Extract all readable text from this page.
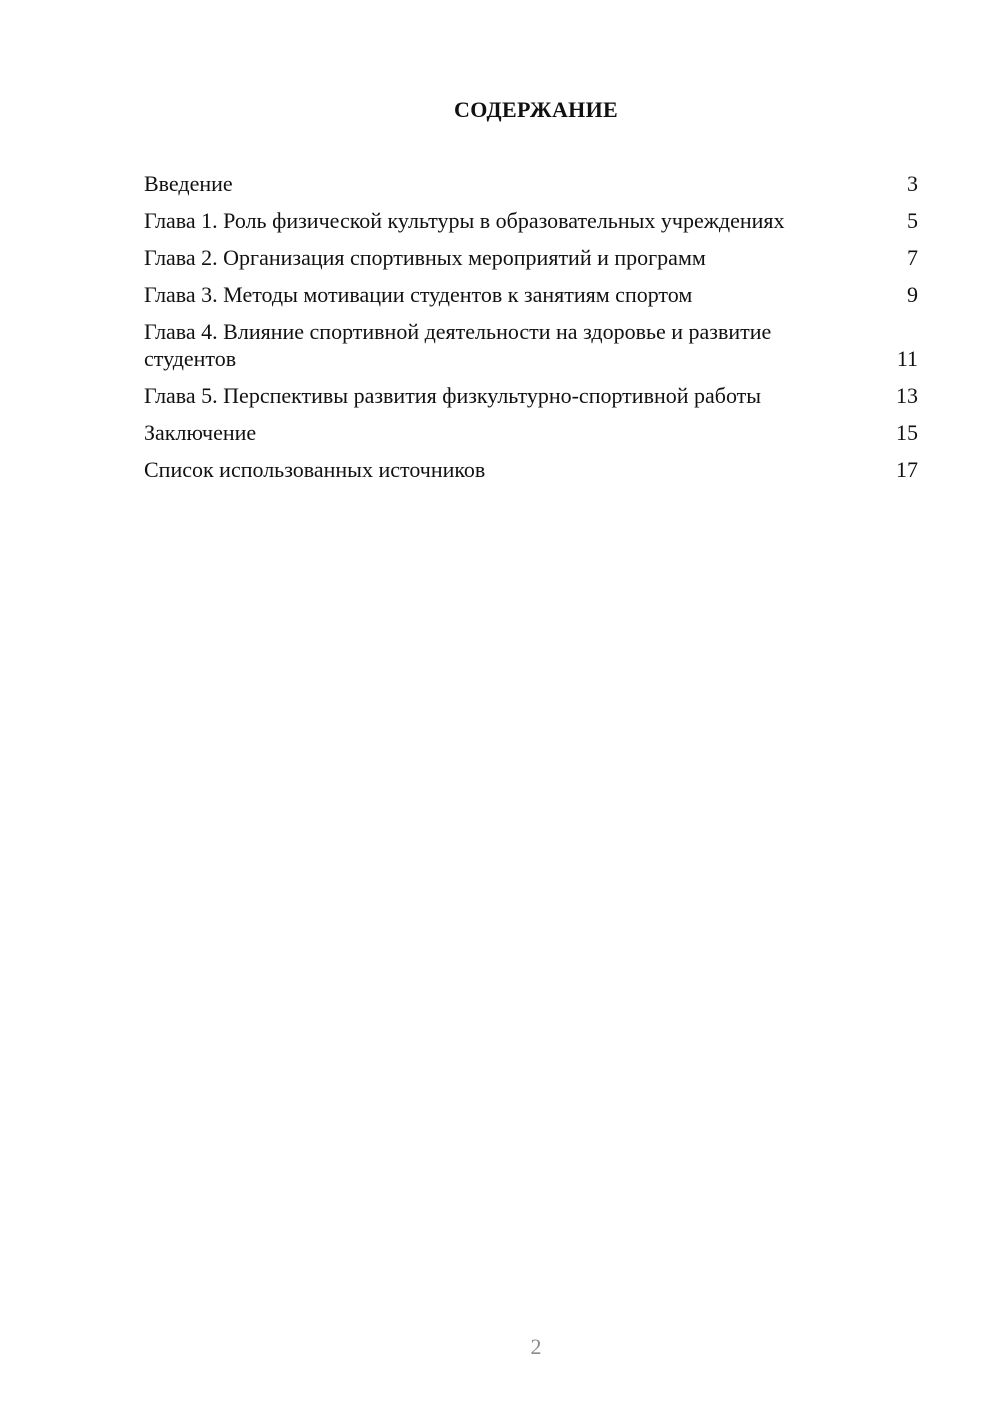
СОДЕРЖАНИЕ
Введение	3
Глава 1. Роль физической культуры в образовательных учреждениях	5
Глава 2. Организация спортивных мероприятий и программ	7
Глава 3. Методы мотивации студентов к занятиям спортом	9
Глава 4. Влияние спортивной деятельности на здоровье и развитие студентов	11
Глава 5. Перспективы развития физкультурно-спортивной работы	13
Заключение	15
Список использованных источников	17
2
